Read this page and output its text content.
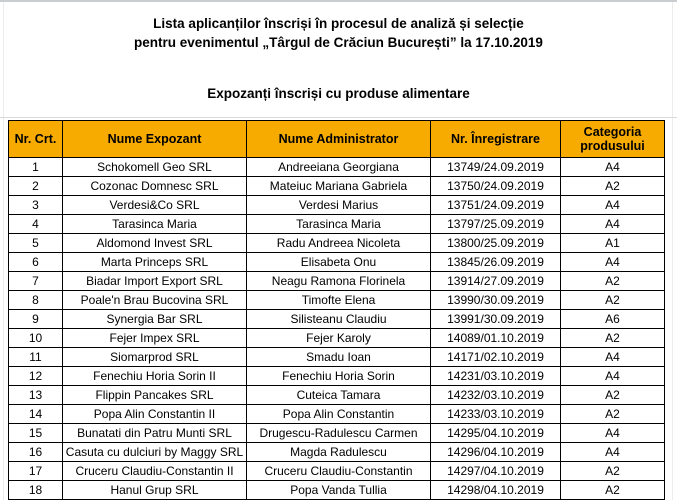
Lista aplicanților înscriși în procesul de analiză și selecție
pentru evenimentul „Târgul de Crăciun București” la 17.10.2019
Expozanți înscriși cu produse alimentare
Nr. Crt.	Nume Expozant	Nume Administrator	Nr. Înregistrare	Categoria produsului
1	Schokomell Geo SRL	Andreeiana Georgiana	13749/24.09.2019	A4
2	Cozonac Domnesc SRL	Mateiuc Mariana Gabriela	13750/24.09.2019	A2
3	Verdesi&Co SRL	Verdesi Marius	13751/24.09.2019	A4
4	Tarasinca Maria	Tarasinca Maria	13797/25.09.2019	A4
5	Aldomond Invest SRL	Radu Andreea Nicoleta	13800/25.09.2019	A1
6	Marta Princeps SRL	Elisabeta Onu	13845/26.09.2019	A4
7	Biadar Import Export SRL	Neagu Ramona Florinela	13914/27.09.2019	A2
8	Poale'n Brau Bucovina SRL	Timofte Elena	13990/30.09.2019	A2
9	Synergia Bar SRL	Silisteanu Claudiu	13991/30.09.2019	A6
10	Fejer Impex SRL	Fejer Karoly	14089/01.10.2019	A2
11	Siomarprod SRL	Smadu Ioan	14171/02.10.2019	A4
12	Fenechiu Horia Sorin II	Fenechiu Horia Sorin	14231/03.10.2019	A4
13	Flippin Pancakes SRL	Cuteica Tamara	14232/03.10.2019	A2
14	Popa Alin Constantin II	Popa Alin Constantin	14233/03.10.2019	A2
15	Bunatati din Patru Munti SRL	Drugescu-Radulescu Carmen	14295/04.10.2019	A4
16	Casuta cu dulciuri by Maggy SRL	Magda Radulescu	14296/04.10.2019	A4
17	Cruceru Claudiu-Constantin II	Cruceru Claudiu-Constantin	14297/04.10.2019	A2
18	Hanul Grup SRL	Popa Vanda Tullia	14298/04.10.2019	A2
